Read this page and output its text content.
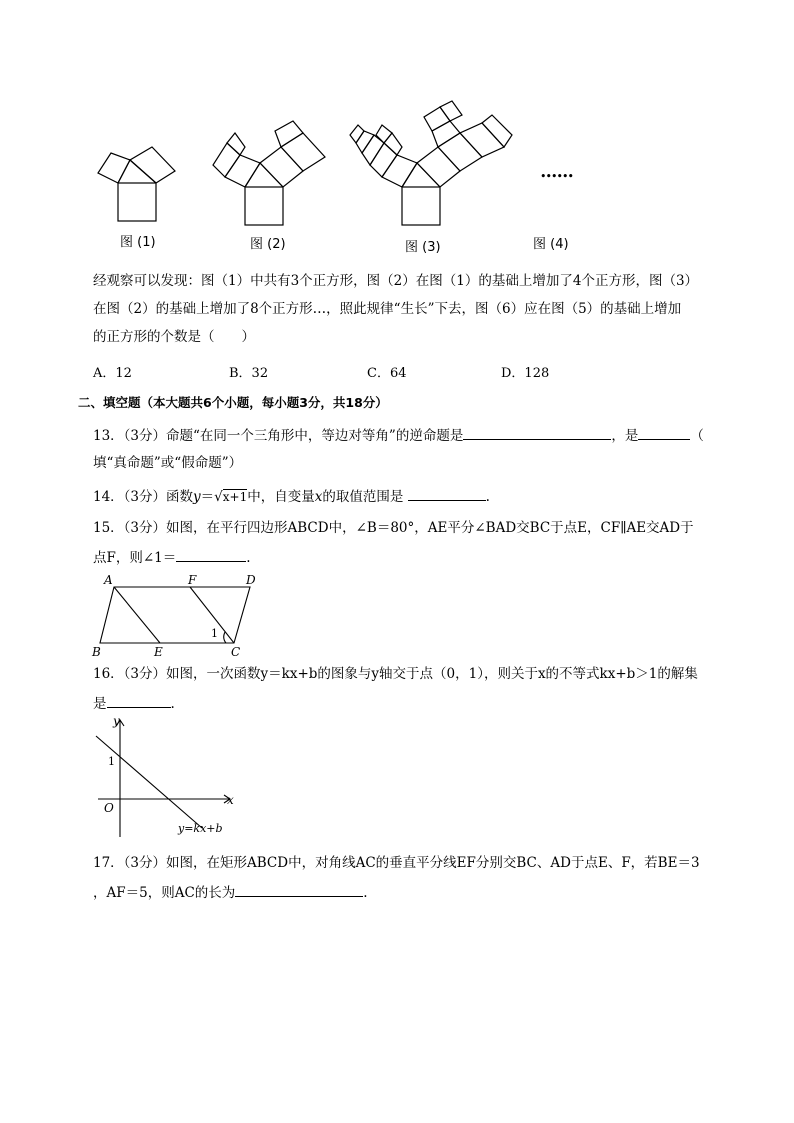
图 (1)	图 (2)	图 (3)	图 (4)
••••••
经观察可以发现：图（1）中共有3个正方形，图（2）在图（1）的基础上增加了4个正方形，图（3）
在图（2）的基础上增加了8个正方形…，照此规律“生长”下去，图（6）应在图（5）的基础上增加
的正方形的个数是（　　）
A．12	B．32	C．64	D．128
二、填空题（本大题共6个小题，每小题3分，共18分）
13．（3分）命题“在同一个三角形中，等边对等角”的逆命题是	，是	（
填“真命题”或“假命题”）
14．（3分）函数y＝√x+1中，自变量x的取值范围是	.
15．（3分）如图，在平行四边形ABCD中，∠B＝80°，AE平分∠BAD交BC于点E，CF∥AE交AD于
点F，则∠1＝	.
A	F	D
B	E	C
1
16．（3分）如图，一次函数y＝kx+b的图象与y轴交于点（0，1），则关于x的不等式kx+b＞1的解集
是	.
y
x
O
1
y=kx+b
17．（3分）如图，在矩形ABCD中，对角线AC的垂直平分线EF分别交BC、AD于点E、F，若BE＝3
，AF＝5，则AC的长为	.
